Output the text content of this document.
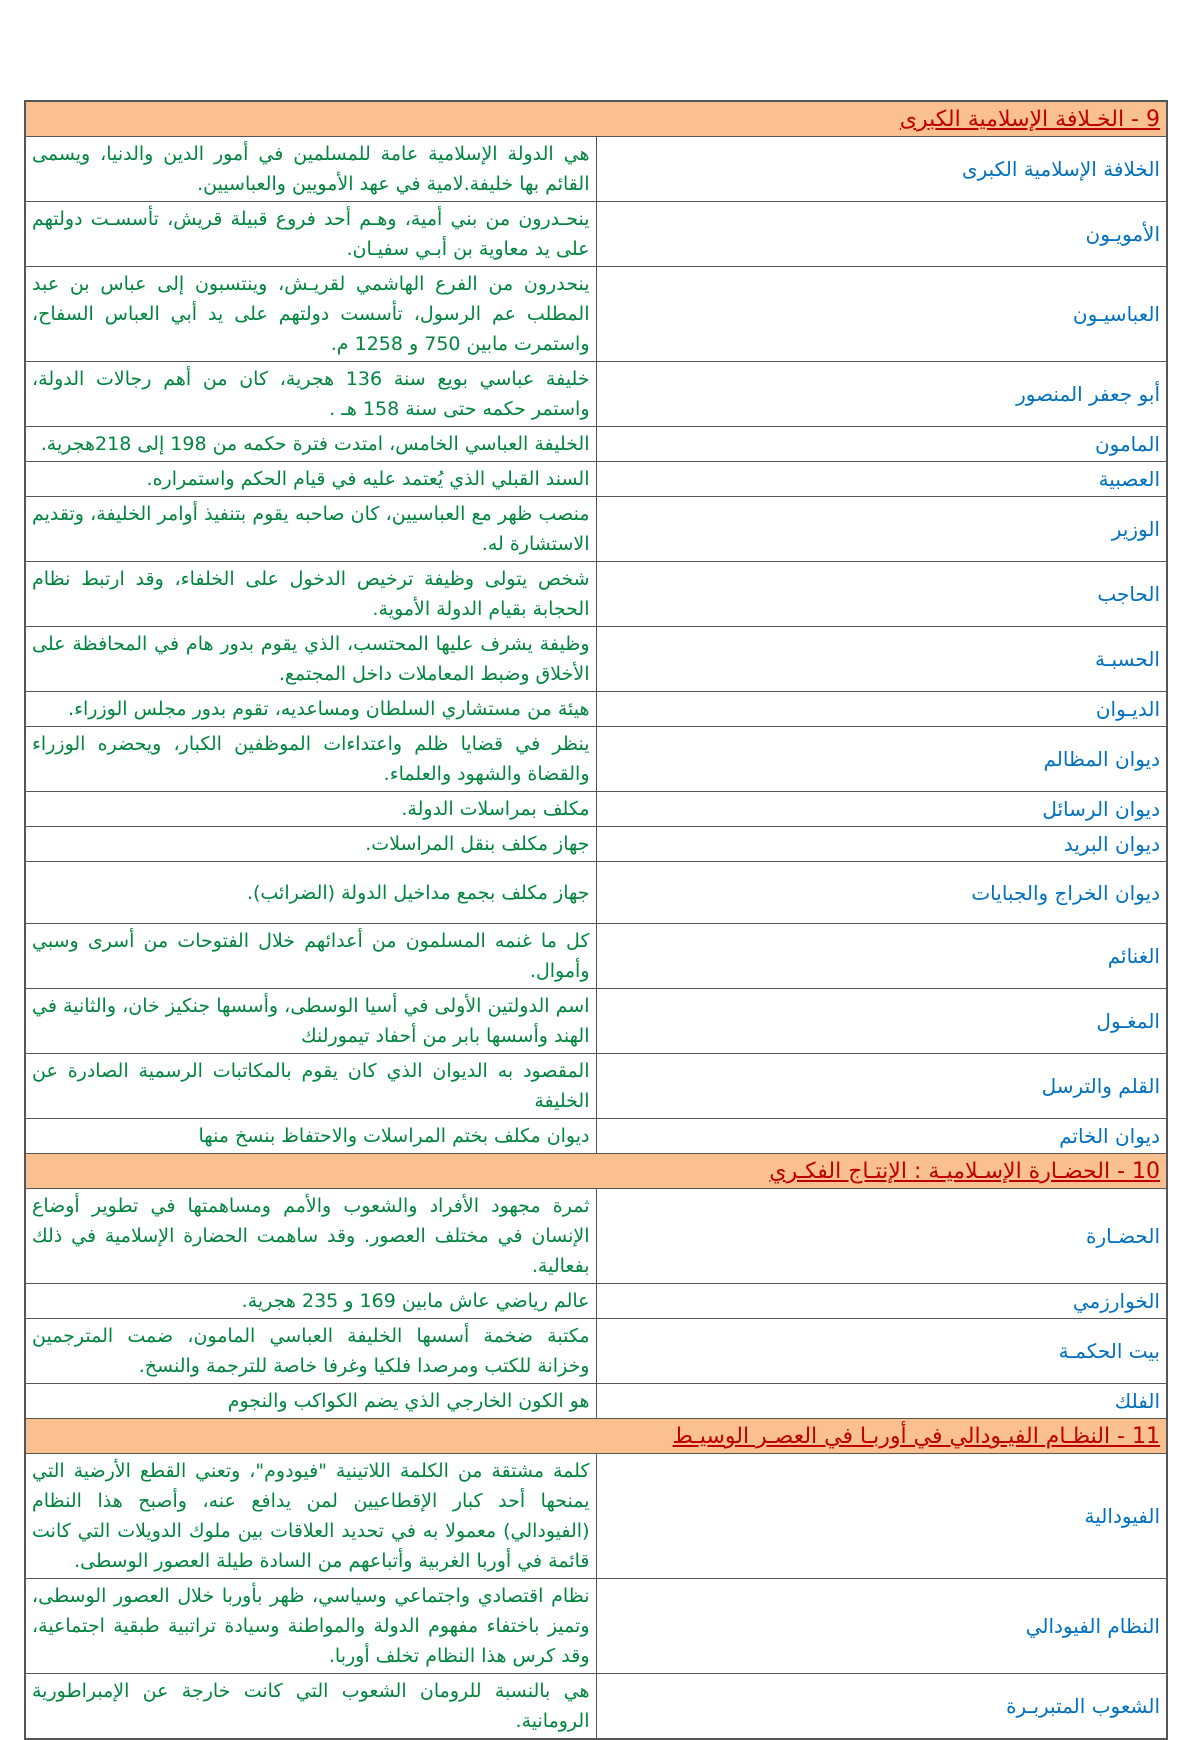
9 - الخـلافة الإسلامية الكبرى	
الخلافة الإسلامية الكبرى	هي الدولة الإسلامية عامة للمسلمين في أمور الدين والدنيا، ويسمى القائم بها خليفة.لامية في عهد الأمويين والعباسيين.
الأمويـون	ينحـدرون من بني أمية، وهـم أحد فروع قبيلة قريش، تأسسـت دولتهم على يد معاوية بن أبـي سفيـان.
العباسيـون	ينحدرون من الفرع الهاشمي لقريـش، وينتسبون إلى عباس بن عبد المطلب عم الرسول، تأسست دولتهم على يد أبي العباس السفاح، واستمرت مابين 750 و 1258 م.
أبو جعفر المنصور	خليفة عباسي بويع سنة 136 هجرية، كان من أهم رجالات الدولة، واستمر حكمه حتى سنة 158 هـ .
المامون	الخليفة العباسي الخامس، امتدت فترة حكمه من 198 إلى 218هجرية.
العصبية	السند القبلي الذي يُعتمد عليه في قيام الحكم واستمراره.
الوزير	منصب ظهر مع العباسيين، كان صاحبه يقوم بتنفيذ أوامر الخليفة، وتقديم الاستشارة له.
الحاجب	شخص يتولى وظيفة ترخيص الدخول على الخلفاء، وقد ارتبط نظام الحجابة بقيام الدولة الأموية.
الحسبـة	وظيفة يشرف عليها المحتسب، الذي يقوم بدور هام في المحافظة على الأخلاق وضبط المعاملات داخل المجتمع.
الديـوان	هيئة من مستشاري السلطان ومساعديه، تقوم بدور مجلس الوزراء.
ديوان المظالم	ينظر في قضايا ظلم واعتداءات الموظفين الكبار، ويحضره الوزراء والقضاة والشهود والعلماء.
ديوان الرسائل	مكلف بمراسلات الدولة.
ديوان البريد	جهاز مكلف بنقل المراسلات.
ديوان الخراج والجبايات	جهاز مكلف بجمع مداخيل الدولة (الضرائب).
الغنائم	كل ما غنمه المسلمون من أعدائهم خلال الفتوحات من أسرى وسبي وأموال.
المغـول	اسم الدولتين الأولى في أسيا الوسطى، وأسسها جنكيز خان، والثانية في الهند وأسسها بابر من أحفاد تيمورلنك
القلم والترسل	المقصود به الديوان الذي كان يقوم بالمكاتبات الرسمية الصادرة عن الخليفة
ديوان الخاتم	ديوان مكلف بختم المراسلات والاحتفاظ بنسخ منها
10 - الحضـارة الإسـلاميـة : الإنتـاج الفكـري	
الحضـارة	ثمرة مجهود الأفراد والشعوب والأمم ومساهمتها في تطوير أوضاع الإنسان في مختلف العصور. وقد ساهمت الحضارة الإسلامية في ذلك بفعالية.
الخوارزمي	عالم رياضي عاش مابين 169 و 235 هجرية.
بيت الحكمـة	مكتبة ضخمة أسسها الخليفة العباسي المامون، ضمت المترجمين وخزانة للكتب ومرصدا فلكيا وغرفا خاصة للترجمة والنسخ.
الفلك	هو الكون الخارجي الذي يضم الكواكب والنجوم
11 - النظـام الفيـودالي في أوربـا في العصـر الوسيـط	
الفيودالية	كلمة مشتقة من الكلمة اللاتينية "فيودوم"، وتعني القطع الأرضية التي يمنحها أحد كبار الإقطاعيين لمن يدافع عنه، وأصبح هذا النظام (الفيودالي) معمولا به في تحديد العلاقات بين ملوك الدويلات التي كانت قائمة في أوربا الغربية وأتباعهم من السادة طيلة العصور الوسطى.
النظام الفيودالي	نظام اقتصادي واجتماعي وسياسي، ظهر بأوربا خلال العصور الوسطى، وتميز باختفاء مفهوم الدولة والمواطنة وسيادة تراتبية طبقية اجتماعية، وقد كرس هذا النظام تخلف أوربا.
الشعوب المتبربـرة	هي بالنسبة للرومان الشعوب التي كانت خارجة عن الإمبراطورية الرومانية.
